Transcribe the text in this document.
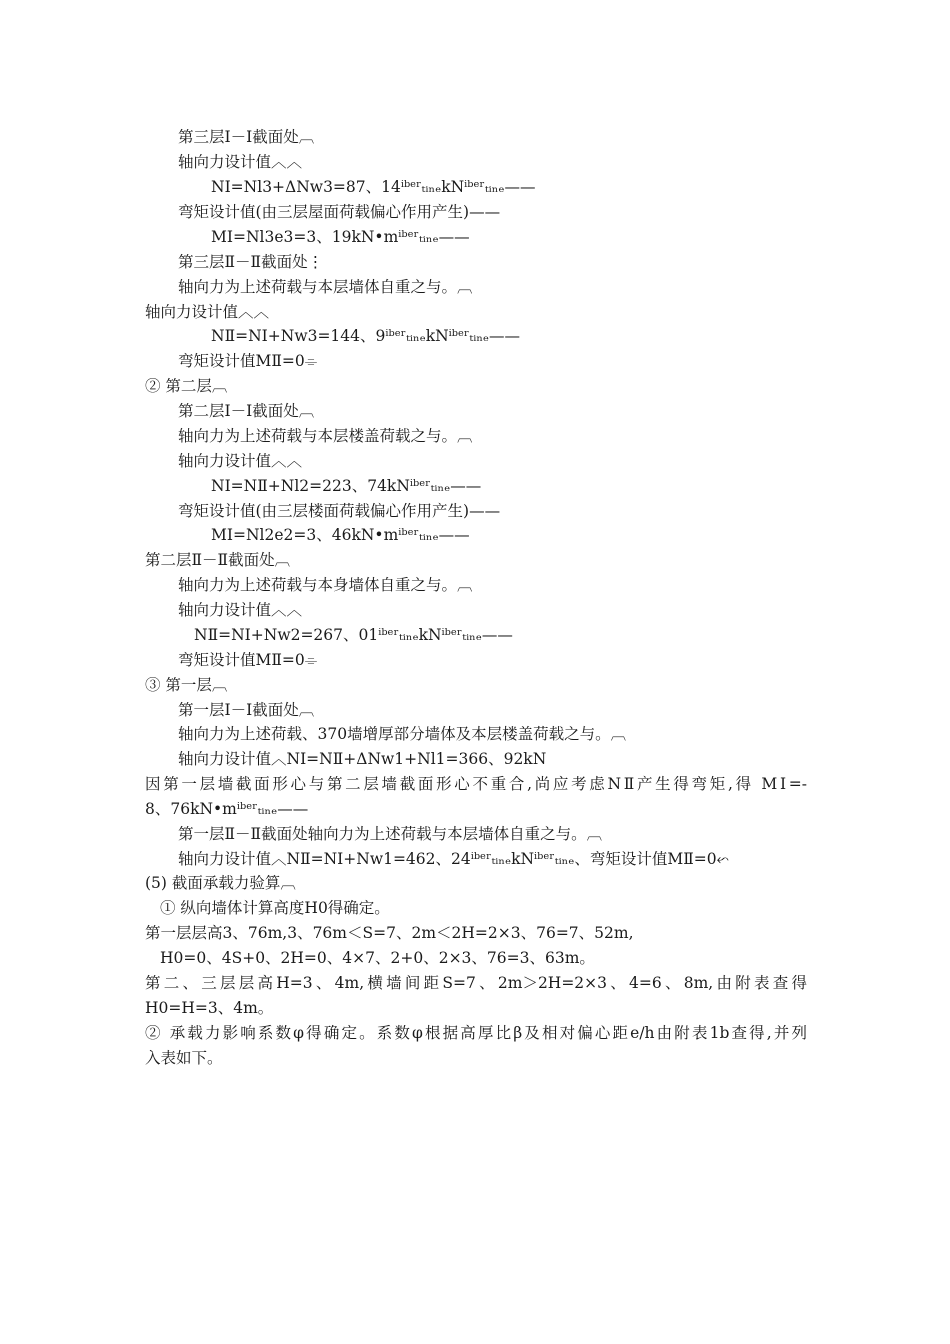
第三层Ⅰ－Ⅰ截面处︹
轴向力设计值︿︿
NⅠ=Nl3+ΔNw3=87、14ⁱᵇᵉʳₜᵢₙₑkNⁱᵇᵉʳₜᵢₙₑ——
弯矩设计值(由三层屋面荷载偏心作用产生)——
MⅠ=Nl3e3=3、19kN•mⁱᵇᵉʳₜᵢₙₑ——
第三层Ⅱ－Ⅱ截面处⋮
轴向力为上述荷载与本层墙体自重之与。︹
轴向力设计值︿︿
NⅡ=NⅠ+Nw3=144、9ⁱᵇᵉʳₜᵢₙₑkNⁱᵇᵉʳₜᵢₙₑ——
弯矩设计值MⅡ=0⌯
② 第二层︹
第二层Ⅰ－Ⅰ截面处︹
轴向力为上述荷载与本层楼盖荷载之与。︹
轴向力设计值︿︿
NⅠ=NⅡ+Nl2=223、74kNⁱᵇᵉʳₜᵢₙₑ——
弯矩设计值(由三层楼面荷载偏心作用产生)——
MⅠ=Nl2e2=3、46kN•mⁱᵇᵉʳₜᵢₙₑ——
第二层Ⅱ－Ⅱ截面处︹
轴向力为上述荷载与本身墙体自重之与。︹
轴向力设计值︿︿
NⅡ=NⅠ+Nw2=267、01ⁱᵇᵉʳₜᵢₙₑkNⁱᵇᵉʳₜᵢₙₑ——
弯矩设计值MⅡ=0⌯
③ 第一层︹
第一层Ⅰ－Ⅰ截面处︹
轴向力为上述荷载、370墙增厚部分墙体及本层楼盖荷载之与。︹
轴向力设计值︿NⅠ=NⅡ+ΔNw1+Nl1=366、92kN
因第一层墙截面形心与第二层墙截面形心不重合,尚应考虑NⅡ产生得弯矩,得 MⅠ=-
8、76kN•mⁱᵇᵉʳₜᵢₙₑ——
第一层Ⅱ－Ⅱ截面处轴向力为上述荷载与本层墙体自重之与。︹
轴向力设计值︿NⅡ=NⅠ+Nw1=462、24ⁱᵇᵉʳₜᵢₙₑkNⁱᵇᵉʳₜᵢₙₑ、弯矩设计值MⅡ=0⬿
(5) 截面承载力验算︹
① 纵向墙体计算高度H0得确定。
第一层层高3、76m,3、76m＜S=7、2m＜2H=2×3、76=7、52m,
H0=0、4S+0、2H=0、4×7、2+0、2×3、76=3、63m。
第二、三层层高H=3、4m,横墙间距S=7、2m＞2H=2×3、4=6、8m,由附表查得
H0=H=3、4m。
② 承载力影响系数φ得确定。系数φ根据高厚比β及相对偏心距e/h由附表1b查得,并列
入表如下。
